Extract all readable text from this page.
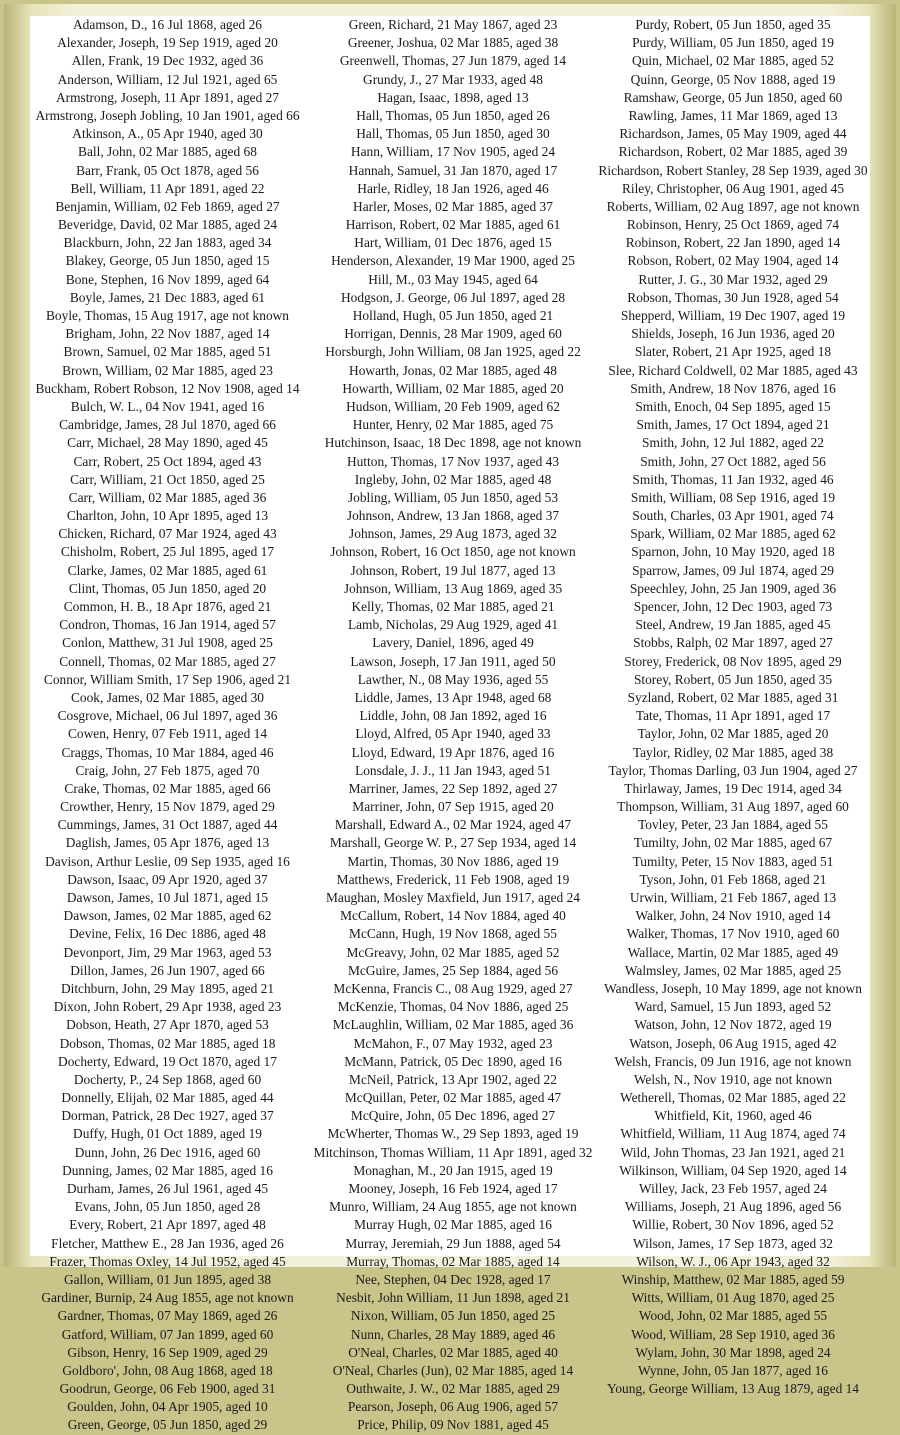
Adamson, D., 16 Jul 1868, aged 26
Alexander, Joseph, 19 Sep 1919, aged 20
Allen, Frank, 19 Dec 1932, aged 36
Anderson, William, 12 Jul 1921, aged 65
Armstrong, Joseph, 11 Apr 1891, aged 27
Armstrong, Joseph Jobling, 10 Jan 1901, aged 66
Atkinson, A., 05 Apr 1940, aged 30
Ball, John, 02 Mar 1885, aged 68
Barr, Frank, 05 Oct 1878, aged 56
Bell, William, 11 Apr 1891, aged 22
Benjamin, William, 02 Feb 1869, aged 27
Beveridge, David, 02 Mar 1885, aged 24
Blackburn, John, 22 Jan 1883, aged 34
Blakey, George, 05 Jun 1850, aged 15
Bone, Stephen, 16 Nov 1899, aged 64
Boyle, James, 21 Dec 1883, aged 61
Boyle, Thomas, 15 Aug 1917, age not known
Brigham, John, 22 Nov 1887, aged 14
Brown, Samuel, 02 Mar 1885, aged 51
Brown, William, 02 Mar 1885, aged 23
Buckham, Robert Robson, 12 Nov 1908, aged 14
Bulch, W. L., 04 Nov 1941, aged 16
Cambridge, James, 28 Jul 1870, aged 66
Carr, Michael, 28 May 1890, aged 45
Carr, Robert, 25 Oct 1894, aged 43
Carr, William, 21 Oct 1850, aged 25
Carr, William, 02 Mar 1885, aged 36
Charlton, John, 10 Apr 1895, aged 13
Chicken, Richard, 07 Mar 1924, aged 43
Chisholm, Robert, 25 Jul 1895, aged 17
Clarke, James, 02 Mar 1885, aged 61
Clint, Thomas, 05 Jun 1850, aged 20
Common, H. B., 18 Apr 1876, aged 21
Condron, Thomas, 16 Jan 1914, aged 57
Conlon, Matthew, 31 Jul 1908, aged 25
Connell, Thomas, 02 Mar 1885, aged 27
Connor, William Smith, 17 Sep 1906, aged 21
Cook, James, 02 Mar 1885, aged 30
Cosgrove, Michael, 06 Jul 1897, aged 36
Cowen, Henry, 07 Feb 1911, aged 14
Craggs, Thomas, 10 Mar 1884, aged 46
Craig, John, 27 Feb 1875, aged 70
Crake, Thomas, 02 Mar 1885, aged 66
Crowther, Henry, 15 Nov 1879, aged 29
Cummings, James, 31 Oct 1887, aged 44
Daglish, James, 05 Apr 1876, aged 13
Davison, Arthur Leslie, 09 Sep 1935, aged 16
Dawson, Isaac, 09 Apr 1920, aged 37
Dawson, James, 10 Jul 1871, aged 15
Dawson, James, 02 Mar 1885, aged 62
Devine, Felix, 16 Dec 1886, aged 48
Devonport, Jim, 29 Mar 1963, aged 53
Dillon, James, 26 Jun 1907, aged 66
Ditchburn, John, 29 May 1895, aged 21
Dixon, John Robert, 29 Apr 1938, aged 23
Dobson, Heath, 27 Apr 1870, aged 53
Dobson, Thomas, 02 Mar 1885, aged 18
Docherty, Edward, 19 Oct 1870, aged 17
Docherty, P., 24 Sep 1868, aged 60
Donnelly, Elijah, 02 Mar 1885, aged 44
Dorman, Patrick, 28 Dec 1927, aged 37
Duffy, Hugh, 01 Oct 1889, aged 19
Dunn, John, 26 Dec 1916, aged 60
Dunning, James, 02 Mar 1885, aged 16
Durham, James, 26 Jul 1961, aged 45
Evans, John, 05 Jun 1850, aged 28
Every, Robert, 21 Apr 1897, aged 48
Fletcher, Matthew E., 28 Jan 1936, aged 26
Frazer, Thomas Oxley, 14 Jul 1952, aged 45
Gallon, William, 01 Jun 1895, aged 38
Gardiner, Burnip, 24 Aug 1855, age not known
Gardner, Thomas, 07 May 1869, aged 26
Gatford, William, 07 Jan 1899, aged 60
Gibson, Henry, 16 Sep 1909, aged 29
Goldboro', John, 08 Aug 1868, aged 18
Goodrun, George, 06 Feb 1900, aged 31
Goulden, John, 04 Apr 1905, aged 10
Green, George, 05 Jun 1850, aged 29
Green, Richard, 21 May 1867, aged 23
Greener, Joshua, 02 Mar 1885, aged 38
Greenwell, Thomas, 27 Jun 1879, aged 14
Grundy, J., 27 Mar 1933, aged 48
Hagan, Isaac, 1898, aged 13
Hall, Thomas, 05 Jun 1850, aged 26
Hall, Thomas, 05 Jun 1850, aged 30
Hann, William, 17 Nov 1905, aged 24
Hannah, Samuel, 31 Jan 1870, aged 17
Harle, Ridley, 18 Jan 1926, aged 46
Harler, Moses, 02 Mar 1885, aged 37
Harrison, Robert, 02 Mar 1885, aged 61
Hart, William, 01 Dec 1876, aged 15
Henderson, Alexander, 19 Mar 1900, aged 25
Hill, M., 03 May 1945, aged 64
Hodgson, J. George, 06 Jul 1897, aged 28
Holland, Hugh, 05 Jun 1850, aged 21
Horrigan, Dennis, 28 Mar 1909, aged 60
Horsburgh, John William, 08 Jan 1925, aged 22
Howarth, Jonas, 02 Mar 1885, aged 48
Howarth, William, 02 Mar 1885, aged 20
Hudson, William, 20 Feb 1909, aged 62
Hunter, Henry, 02 Mar 1885, aged 75
Hutchinson, Isaac, 18 Dec 1898, age not known
Hutton, Thomas, 17 Nov 1937, aged 43
Ingleby, John, 02 Mar 1885, aged 48
Jobling, William, 05 Jun 1850, aged 53
Johnson, Andrew, 13 Jan 1868, aged 37
Johnson, James, 29 Aug 1873, aged 32
Johnson, Robert, 16 Oct 1850, age not known
Johnson, Robert, 19 Jul 1877, aged 13
Johnson, William, 13 Aug 1869, aged 35
Kelly, Thomas, 02 Mar 1885, aged 21
Lamb, Nicholas, 29 Aug 1929, aged 41
Lavery, Daniel, 1896, aged 49
Lawson, Joseph, 17 Jan 1911, aged 50
Lawther, N., 08 May 1936, aged 55
Liddle, James, 13 Apr 1948, aged 68
Liddle, John, 08 Jan 1892, aged 16
Lloyd, Alfred, 05 Apr 1940, aged 33
Lloyd, Edward, 19 Apr 1876, aged 16
Lonsdale, J. J., 11 Jan 1943, aged 51
Marriner, James, 22 Sep 1892, aged 27
Marriner, John, 07 Sep 1915, aged 20
Marshall, Edward A., 02 Mar 1924, aged 47
Marshall, George W. P., 27 Sep 1934, aged 14
Martin, Thomas, 30 Nov 1886, aged 19
Matthews, Frederick, 11 Feb 1908, aged 19
Maughan, Mosley Maxfield, Jun 1917, aged 24
McCallum, Robert, 14 Nov 1884, aged 40
McCann, Hugh, 19 Nov 1868, aged 55
McGreavy, John, 02 Mar 1885, aged 52
McGuire, James, 25 Sep 1884, aged 56
McKenna, Francis C., 08 Aug 1929, aged 27
McKenzie, Thomas, 04 Nov 1886, aged 25
McLaughlin, William, 02 Mar 1885, aged 36
McMahon, F., 07 May 1932, aged 23
McMann, Patrick, 05 Dec 1890, aged 16
McNeil, Patrick, 13 Apr 1902, aged 22
McQuillan, Peter, 02 Mar 1885, aged 47
McQuire, John, 05 Dec 1896, aged 27
McWherter, Thomas W., 29 Sep 1893, aged 19
Mitchinson, Thomas William, 11 Apr 1891, aged 32
Monaghan, M., 20 Jan 1915, aged 19
Mooney, Joseph, 16 Feb 1924, aged 17
Munro, William, 24 Aug 1855, age not known
Murray Hugh, 02 Mar 1885, aged 16
Murray, Jeremiah, 29 Jun 1888, aged 54
Murray, Thomas, 02 Mar 1885, aged 14
Nee, Stephen, 04 Dec 1928, aged 17
Nesbit, John William, 11 Jun 1898, aged 21
Nixon, William, 05 Jun 1850, aged 25
Nunn, Charles, 28 May 1889, aged 46
O'Neal, Charles, 02 Mar 1885, aged 40
O'Neal, Charles (Jun), 02 Mar 1885, aged 14
Outhwaite, J. W., 02 Mar 1885, aged 29
Pearson, Joseph, 06 Aug 1906, aged 57
Price, Philip, 09 Nov 1881, aged 45
Purdy, Robert, 05 Jun 1850, aged 35
Purdy, William, 05 Jun 1850, aged 19
Quin, Michael, 02 Mar 1885, aged 52
Quinn, George, 05 Nov 1888, aged 19
Ramshaw, George, 05 Jun 1850, aged 60
Rawling, James, 11 Mar 1869, aged 13
Richardson, James, 05 May 1909, aged 44
Richardson, Robert, 02 Mar 1885, aged 39
Richardson, Robert Stanley, 28 Sep 1939, aged 30
Riley, Christopher, 06 Aug 1901, aged 45
Roberts, William, 02 Aug 1897, age not known
Robinson, Henry, 25 Oct 1869, aged 74
Robinson, Robert, 22 Jan 1890, aged 14
Robson, Robert, 02 May 1904, aged 14
Rutter, J. G., 30 Mar 1932, aged 29
Robson, Thomas, 30 Jun 1928, aged 54
Shepperd, William, 19 Dec 1907, aged 19
Shields, Joseph, 16 Jun 1936, aged 20
Slater, Robert, 21 Apr 1925, aged 18
Slee, Richard Coldwell, 02 Mar 1885, aged 43
Smith, Andrew, 18 Nov 1876, aged 16
Smith, Enoch, 04 Sep 1895, aged 15
Smith, James, 17 Oct 1894, aged 21
Smith, John, 12 Jul 1882, aged 22
Smith, John, 27 Oct 1882, aged 56
Smith, Thomas, 11 Jan 1932, aged 46
Smith, William, 08 Sep 1916, aged 19
South, Charles, 03 Apr 1901, aged 74
Spark, William, 02 Mar 1885, aged 62
Sparnon, John, 10 May 1920, aged 18
Sparrow, James, 09 Jul 1874, aged 29
Speechley, John, 25 Jan 1909, aged 36
Spencer, John, 12 Dec 1903, aged 73
Steel, Andrew, 19 Jan 1885, aged 45
Stobbs, Ralph, 02 Mar 1897, aged 27
Storey, Frederick, 08 Nov 1895, aged 29
Storey, Robert, 05 Jun 1850, aged 35
Syzland, Robert, 02 Mar 1885, aged 31
Tate, Thomas, 11 Apr 1891, aged 17
Taylor, John, 02 Mar 1885, aged 20
Taylor, Ridley, 02 Mar 1885, aged 38
Taylor, Thomas Darling, 03 Jun 1904, aged 27
Thirlaway, James, 19 Dec 1914, aged 34
Thompson, William, 31 Aug 1897, aged 60
Tovley, Peter, 23 Jan 1884, aged 55
Tumilty, John, 02 Mar 1885, aged 67
Tumilty, Peter, 15 Nov 1883, aged 51
Tyson, John, 01 Feb 1868, aged 21
Urwin, William, 21 Feb 1867, aged 13
Walker, John, 24 Nov 1910, aged 14
Walker, Thomas, 17 Nov 1910, aged 60
Wallace, Martin, 02 Mar 1885, aged 49
Walmsley, James, 02 Mar 1885, aged 25
Wandless, Joseph, 10 May 1899, age not known
Ward, Samuel, 15 Jun 1893, aged 52
Watson, John, 12 Nov 1872, aged 19
Watson, Joseph, 06 Aug 1915, aged 42
Welsh, Francis, 09 Jun 1916, age not known
Welsh, N., Nov 1910, age not known
Wetherell, Thomas, 02 Mar 1885, aged 22
Whitfield, Kit, 1960, aged 46
Whitfield, William, 11 Aug 1874, aged 74
Wild, John Thomas, 23 Jan 1921, aged 21
Wilkinson, William, 04 Sep 1920, aged 14
Willey, Jack, 23 Feb 1957, aged 24
Williams, Joseph, 21 Aug 1896, aged 56
Willie, Robert, 30 Nov 1896, aged 52
Wilson, James, 17 Sep 1873, aged 32
Wilson, W. J., 06 Apr 1943, aged 32
Winship, Matthew, 02 Mar 1885, aged 59
Witts, William, 01 Aug 1870, aged 25
Wood, John, 02 Mar 1885, aged 55
Wood, William, 28 Sep 1910, aged 36
Wylam, John, 30 Mar 1898, aged 24
Wynne, John, 05 Jan 1877, aged 16
Young, George William, 13 Aug 1879, aged 14
